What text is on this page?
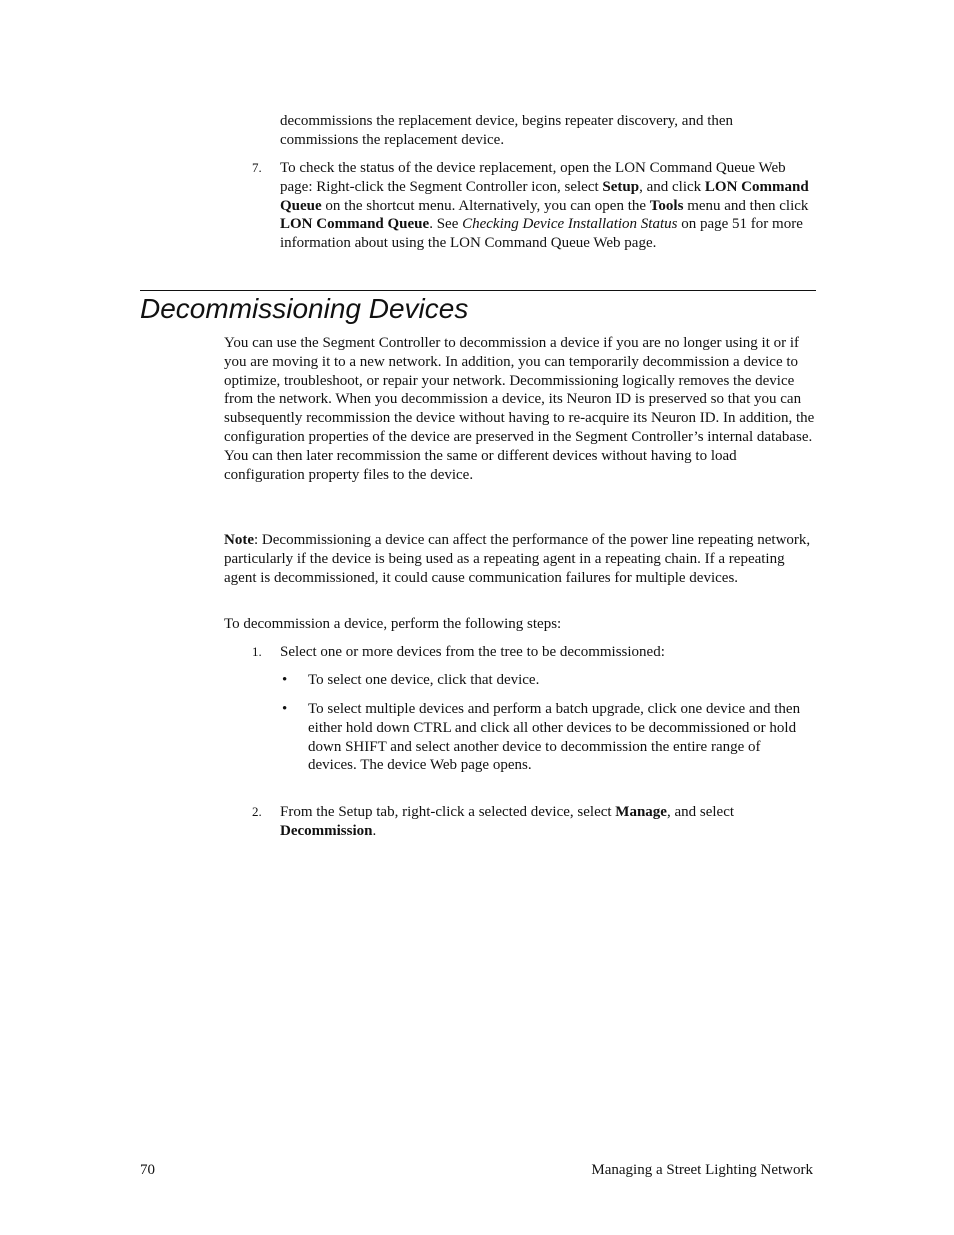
decommissions the replacement device, begins repeater discovery, and then commissions the replacement device.

7. To check the status of the device replacement, open the LON Command Queue Web page: Right-click the Segment Controller icon, select Setup, and click LON Command Queue on the shortcut menu. Alternatively, you can open the Tools menu and then click LON Command Queue. See Checking Device Installation Status on page 51 for more information about using the LON Command Queue Web page.

Decommissioning Devices

You can use the Segment Controller to decommission a device if you are no longer using it or if you are moving it to a new network. In addition, you can temporarily decommission a device to optimize, troubleshoot, or repair your network. Decommissioning logically removes the device from the network. When you decommission a device, its Neuron ID is preserved so that you can subsequently recommission the device without having to re-acquire its Neuron ID. In addition, the configuration properties of the device are preserved in the Segment Controller’s internal database. You can then later recommission the same or different devices without having to load configuration property files to the device.

Note: Decommissioning a device can affect the performance of the power line repeating network, particularly if the device is being used as a repeating agent in a repeating chain. If a repeating agent is decommissioned, it could cause communication failures for multiple devices.

To decommission a device, perform the following steps:

1. Select one or more devices from the tree to be decommissioned:

• To select one device, click that device.

• To select multiple devices and perform a batch upgrade, click one device and then either hold down CTRL and click all other devices to be decommissioned or hold down SHIFT and select another device to decommission the entire range of devices. The device Web page opens.

2. From the Setup tab, right-click a selected device, select Manage, and select Decommission.

70	Managing a Street Lighting Network
